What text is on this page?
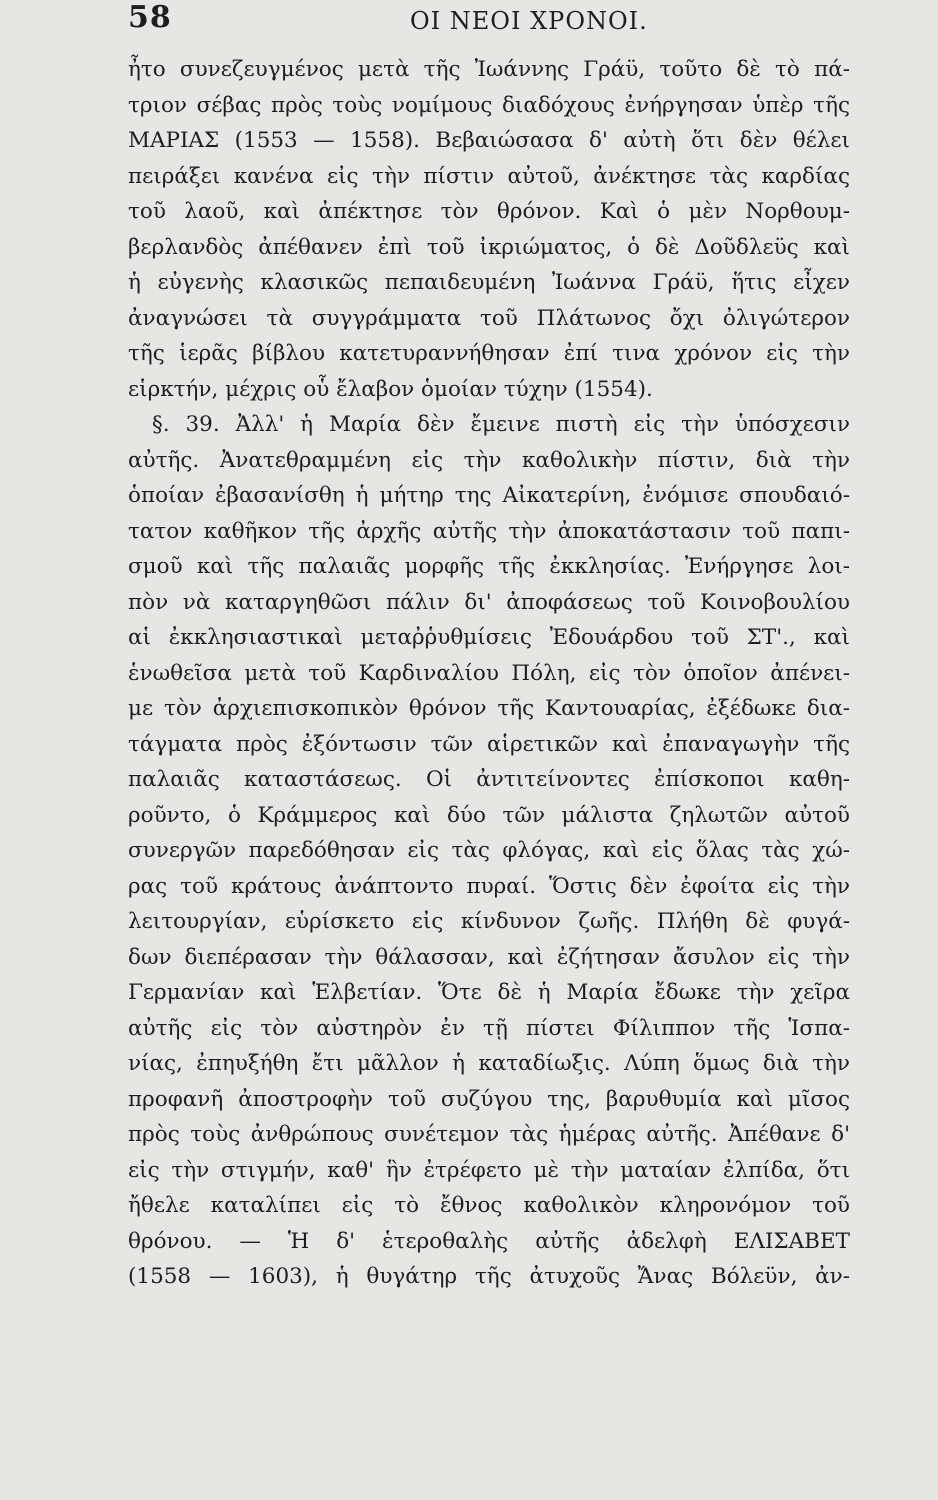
58	ΟΙ ΝΕΟΙ ΧΡΟΝΟΙ.
ἦτο συνεζευγμένος μετὰ τῆς Ἰωάννης Γράϋ, τοῦτο δὲ τὸ πά-
τριον σέβας πρὸς τοὺς νομίμους διαδόχους ἐνήργησαν ὑπὲρ τῆς
ΜΑΡΙΑΣ (1553 — 1558). Βεβαιώσασα δ' αὐτὴ ὅτι δὲν θέλει
πειράξει κανένα εἰς τὴν πίστιν αὐτοῦ, ἀνέκτησε τὰς καρδίας
τοῦ λαοῦ, καὶ ἀπέκτησε τὸν θρόνον. Καὶ ὁ μὲν Νορθουμ-
βερλανδὸς ἀπέθανεν ἐπὶ τοῦ ἰκριώματος, ὁ δὲ Δοῦδλεϋς καὶ
ἡ εὐγενὴς κλασικῶς πεπαιδευμένη Ἰωάννα Γράϋ, ἥτις εἶχεν
ἀναγνώσει τὰ συγγράμματα τοῦ Πλάτωνος ὄχι ὀλιγώτερον
τῆς ἱερᾶς βίβλου κατετυραννήθησαν ἐπί τινα χρόνον εἰς τὴν
εἱρκτήν, μέχρις οὗ ἔλαβον ὁμοίαν τύχην (1554).
§. 39. Ἀλλ' ἡ Μαρία δὲν ἔμεινε πιστὴ εἰς τὴν ὑπόσχεσιν
αὐτῆς. Ἀνατεθραμμένη εἰς τὴν καθολικὴν πίστιν, διὰ τὴν
ὁποίαν ἐβασανίσθη ἡ μήτηρ της Αἰκατερίνη, ἐνόμισε σπουδαιό-
τατον καθῆκον τῆς ἀρχῆς αὐτῆς τὴν ἀποκατάστασιν τοῦ παπι-
σμοῦ καὶ τῆς παλαιᾶς μορφῆς τῆς ἐκκλησίας. Ἐνήργησε λοι-
πὸν νὰ καταργηθῶσι πάλιν δι' ἀποφάσεως τοῦ Κοινοβουλίου
αἱ ἐκκλησιαστικαὶ μεταῤῥυθμίσεις Ἐδουάρδου τοῦ ΣΤ'., καὶ
ἑνωθεῖσα μετὰ τοῦ Καρδιναλίου Πόλη, εἰς τὸν ὁποῖον ἀπένει-
με τὸν ἀρχιεπισκοπικὸν θρόνον τῆς Καντουαρίας, ἐξέδωκε δια-
τάγματα πρὸς ἐξόντωσιν τῶν αἱρετικῶν καὶ ἐπαναγωγὴν τῆς
παλαιᾶς καταστάσεως. Οἱ ἀντιτείνοντες ἐπίσκοποι καθη-
ροῦντο, ὁ Κράμμερος καὶ δύο τῶν μάλιστα ζηλωτῶν αὐτοῦ
συνεργῶν παρεδόθησαν εἰς τὰς φλόγας, καὶ εἰς ὅλας τὰς χώ-
ρας τοῦ κράτους ἀνάπτοντο πυραί. Ὅστις δὲν ἐφοίτα εἰς τὴν
λειτουργίαν, εὑρίσκετο εἰς κίνδυνον ζωῆς. Πλήθη δὲ φυγά-
δων διεπέρασαν τὴν θάλασσαν, καὶ ἐζήτησαν ἄσυλον εἰς τὴν
Γερμανίαν καὶ Ἑλβετίαν. Ὅτε δὲ ἡ Μαρία ἔδωκε τὴν χεῖρα
αὐτῆς εἰς τὸν αὐστηρὸν ἐν τῇ πίστει Φίλιππον τῆς Ἱσπα-
νίας, ἐπηυξήθη ἔτι μᾶλλον ἡ καταδίωξις. Λύπη ὅμως διὰ τὴν
προφανῆ ἀποστροφὴν τοῦ συζύγου της, βαρυθυμία καὶ μῖσος
πρὸς τοὺς ἀνθρώπους συνέτεμον τὰς ἡμέρας αὐτῆς. Ἀπέθανε δ'
εἰς τὴν στιγμήν, καθ' ἣν ἐτρέφετο μὲ τὴν ματαίαν ἐλπίδα, ὅτι
ἤθελε καταλίπει εἰς τὸ ἔθνος καθολικὸν κληρονόμον τοῦ
θρόνου. — Ἡ δ' ἑτεροθαλὴς αὐτῆς ἀδελφὴ ΕΛΙΣΑΒΕΤ
(1558 — 1603), ἡ θυγάτηρ τῆς ἀτυχοῦς Ἄνας Βόλεϋν, ἀν-
